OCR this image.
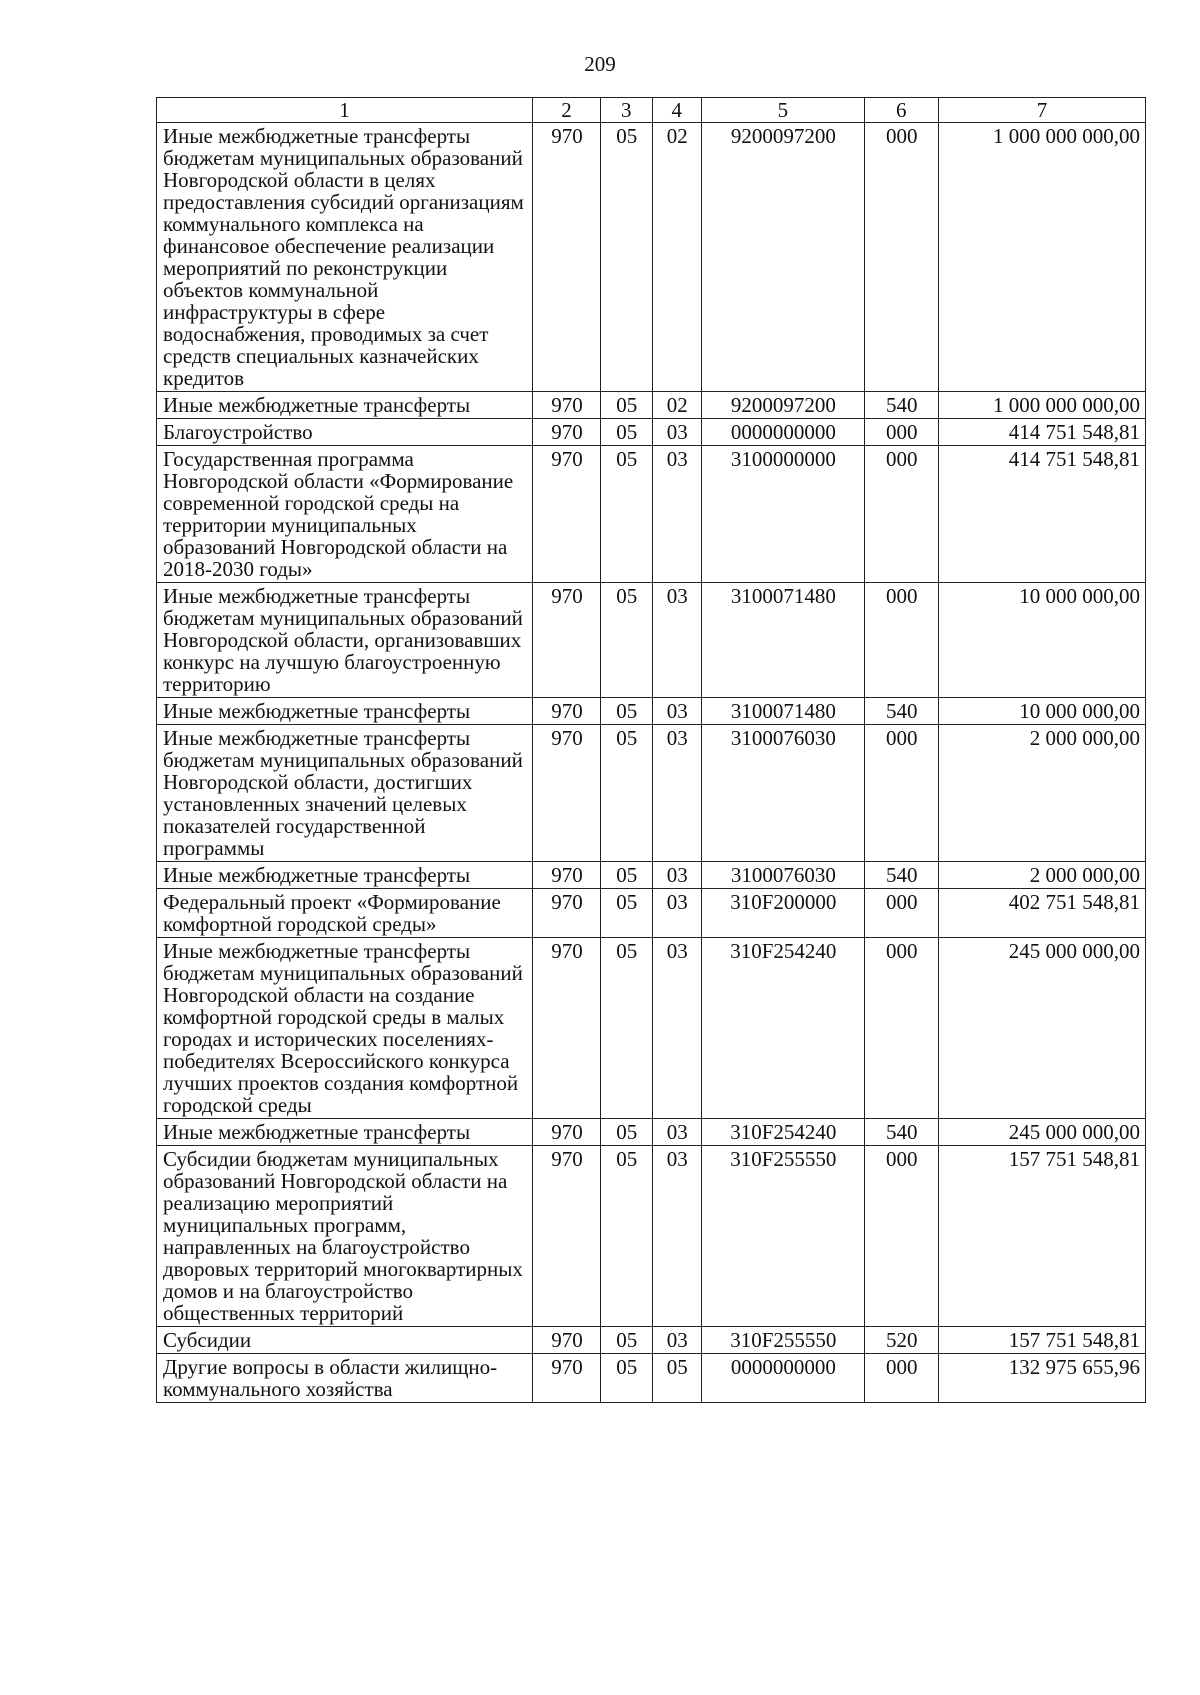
209
1	2	3	4	5	6	7
Иные межбюджетные трансферты бюджетам муниципальных образований Новгородской области в целях предоставления субсидий организациям коммунального комплекса на финансовое обеспечение реализации мероприятий по реконструкции объектов коммунальной инфраструктуры в сфере водоснабжения, проводимых за счет средств специальных казначейских кредитов	970	05	02	9200097200	000	1 000 000 000,00
Иные межбюджетные трансферты	970	05	02	9200097200	540	1 000 000 000,00
Благоустройство	970	05	03	0000000000	000	414 751 548,81
Государственная программа Новгородской области «Формирование современной городской среды на территории муниципальных образований Новгородской области на 2018-2030 годы»	970	05	03	3100000000	000	414 751 548,81
Иные межбюджетные трансферты бюджетам муниципальных образований Новгородской области, организовавших конкурс на лучшую благоустроенную территорию	970	05	03	3100071480	000	10 000 000,00
Иные межбюджетные трансферты	970	05	03	3100071480	540	10 000 000,00
Иные межбюджетные трансферты бюджетам муниципальных образований Новгородской области, достигших установленных значений целевых показателей государственной программы	970	05	03	3100076030	000	2 000 000,00
Иные межбюджетные трансферты	970	05	03	3100076030	540	2 000 000,00
Федеральный проект «Формирование комфортной городской среды»	970	05	03	310F200000	000	402 751 548,81
Иные межбюджетные трансферты бюджетам муниципальных образований Новгородской области на создание комфортной городской среды в малых городах и исторических поселениях-победителях Всероссийского конкурса лучших проектов создания комфортной городской среды	970	05	03	310F254240	000	245 000 000,00
Иные межбюджетные трансферты	970	05	03	310F254240	540	245 000 000,00
Субсидии бюджетам муниципальных образований Новгородской области на реализацию мероприятий муниципальных программ, направленных на благоустройство дворовых территорий многоквартирных домов и на благоустройство общественных территорий	970	05	03	310F255550	000	157 751 548,81
Субсидии	970	05	03	310F255550	520	157 751 548,81
Другие вопросы в области жилищно-коммунального хозяйства	970	05	05	0000000000	000	132 975 655,96
